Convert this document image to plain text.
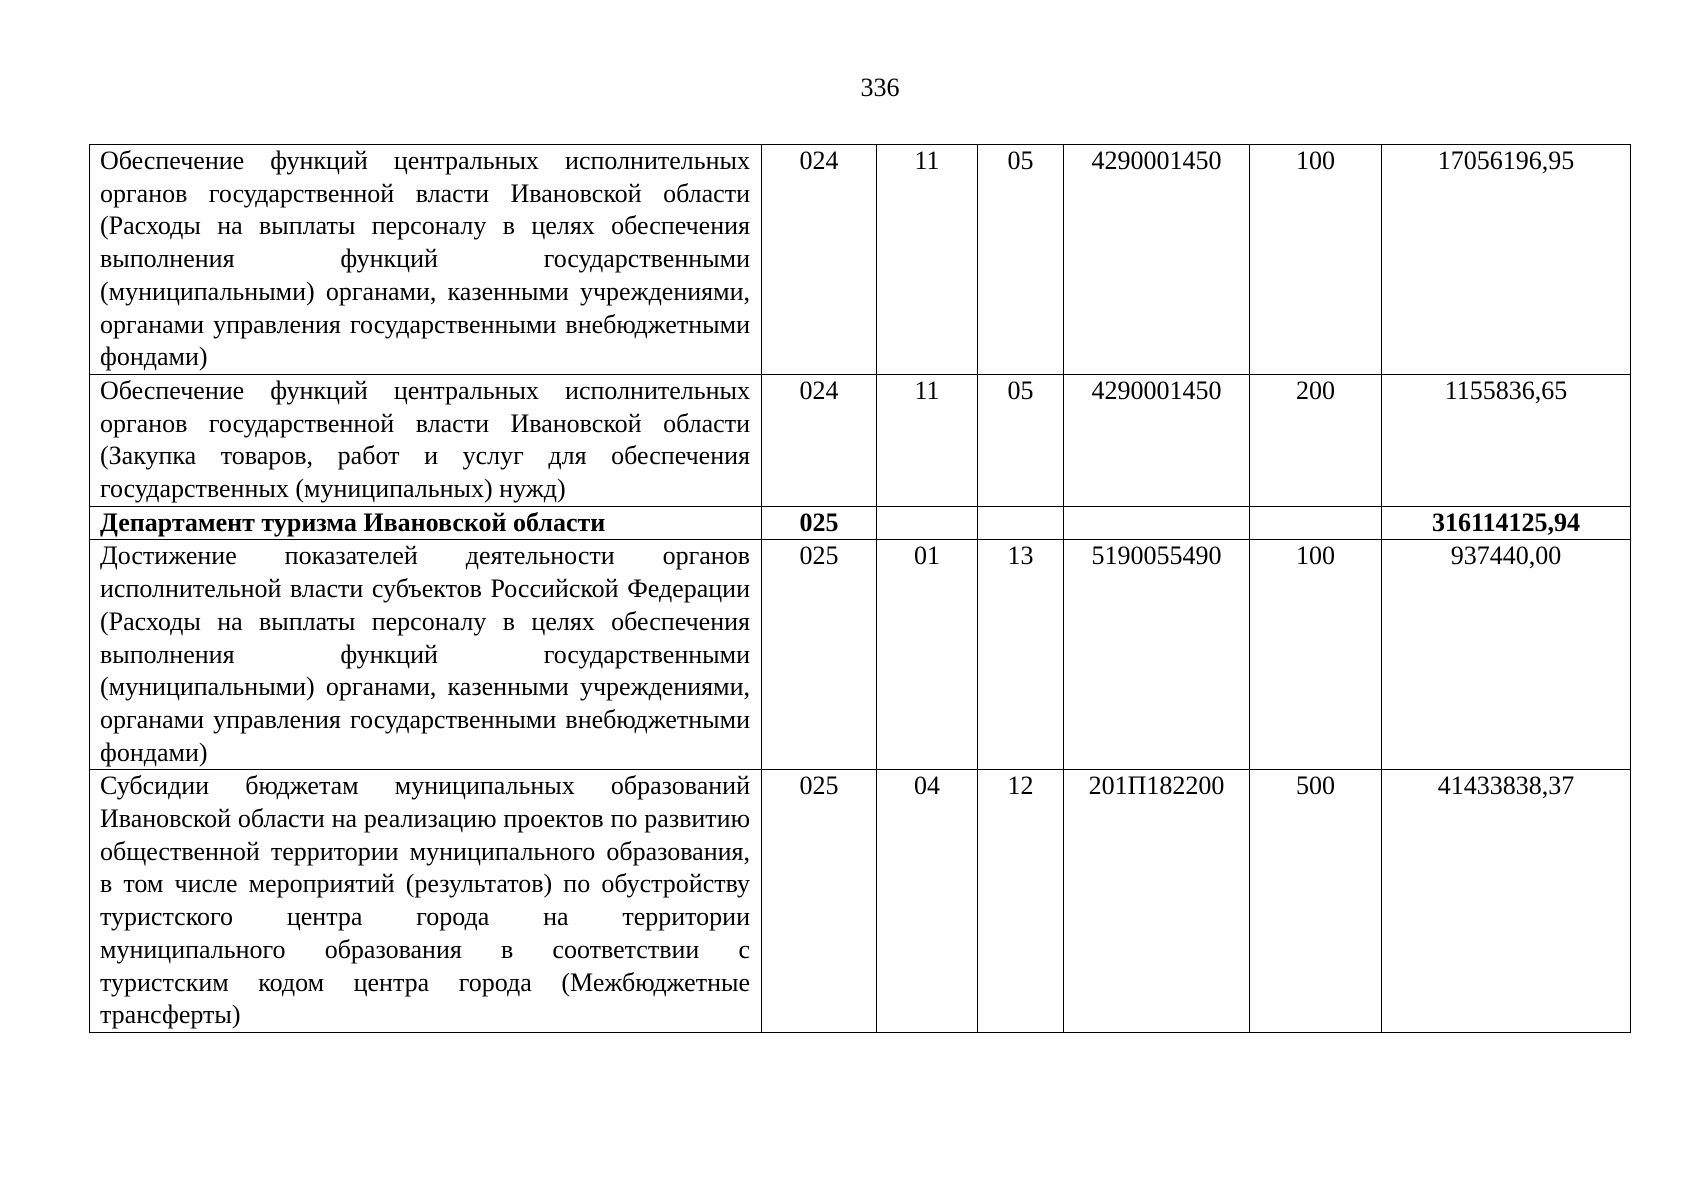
336
Обеспечение функций центральных исполнительных органов государственной власти Ивановской области (Расходы на выплаты персоналу в целях обеспечения выполнения функций государственными (муниципальными) органами, казенными учреждениями, органами управления государственными внебюджетными фондами)	024	11	05	4290001450	100	17056196,95
Обеспечение функций центральных исполнительных органов государственной власти Ивановской области (Закупка товаров, работ и услуг для обеспечения государственных (муниципальных) нужд)	024	11	05	4290001450	200	1155836,65
Департамент туризма Ивановской области	025					316114125,94
Достижение показателей деятельности органов исполнительной власти субъектов Российской Федерации (Расходы на выплаты персоналу в целях обеспечения выполнения функций государственными (муниципальными) органами, казенными учреждениями, органами управления государственными внебюджетными фондами)	025	01	13	5190055490	100	937440,00
Субсидии бюджетам муниципальных образований Ивановской области на реализацию проектов по развитию общественной территории муниципального образования, в том числе мероприятий (результатов) по обустройству туристского центра города на территории муниципального образования в соответствии с туристским кодом центра города (Межбюджетные трансферты)	025	04	12	201П182200	500	41433838,37
